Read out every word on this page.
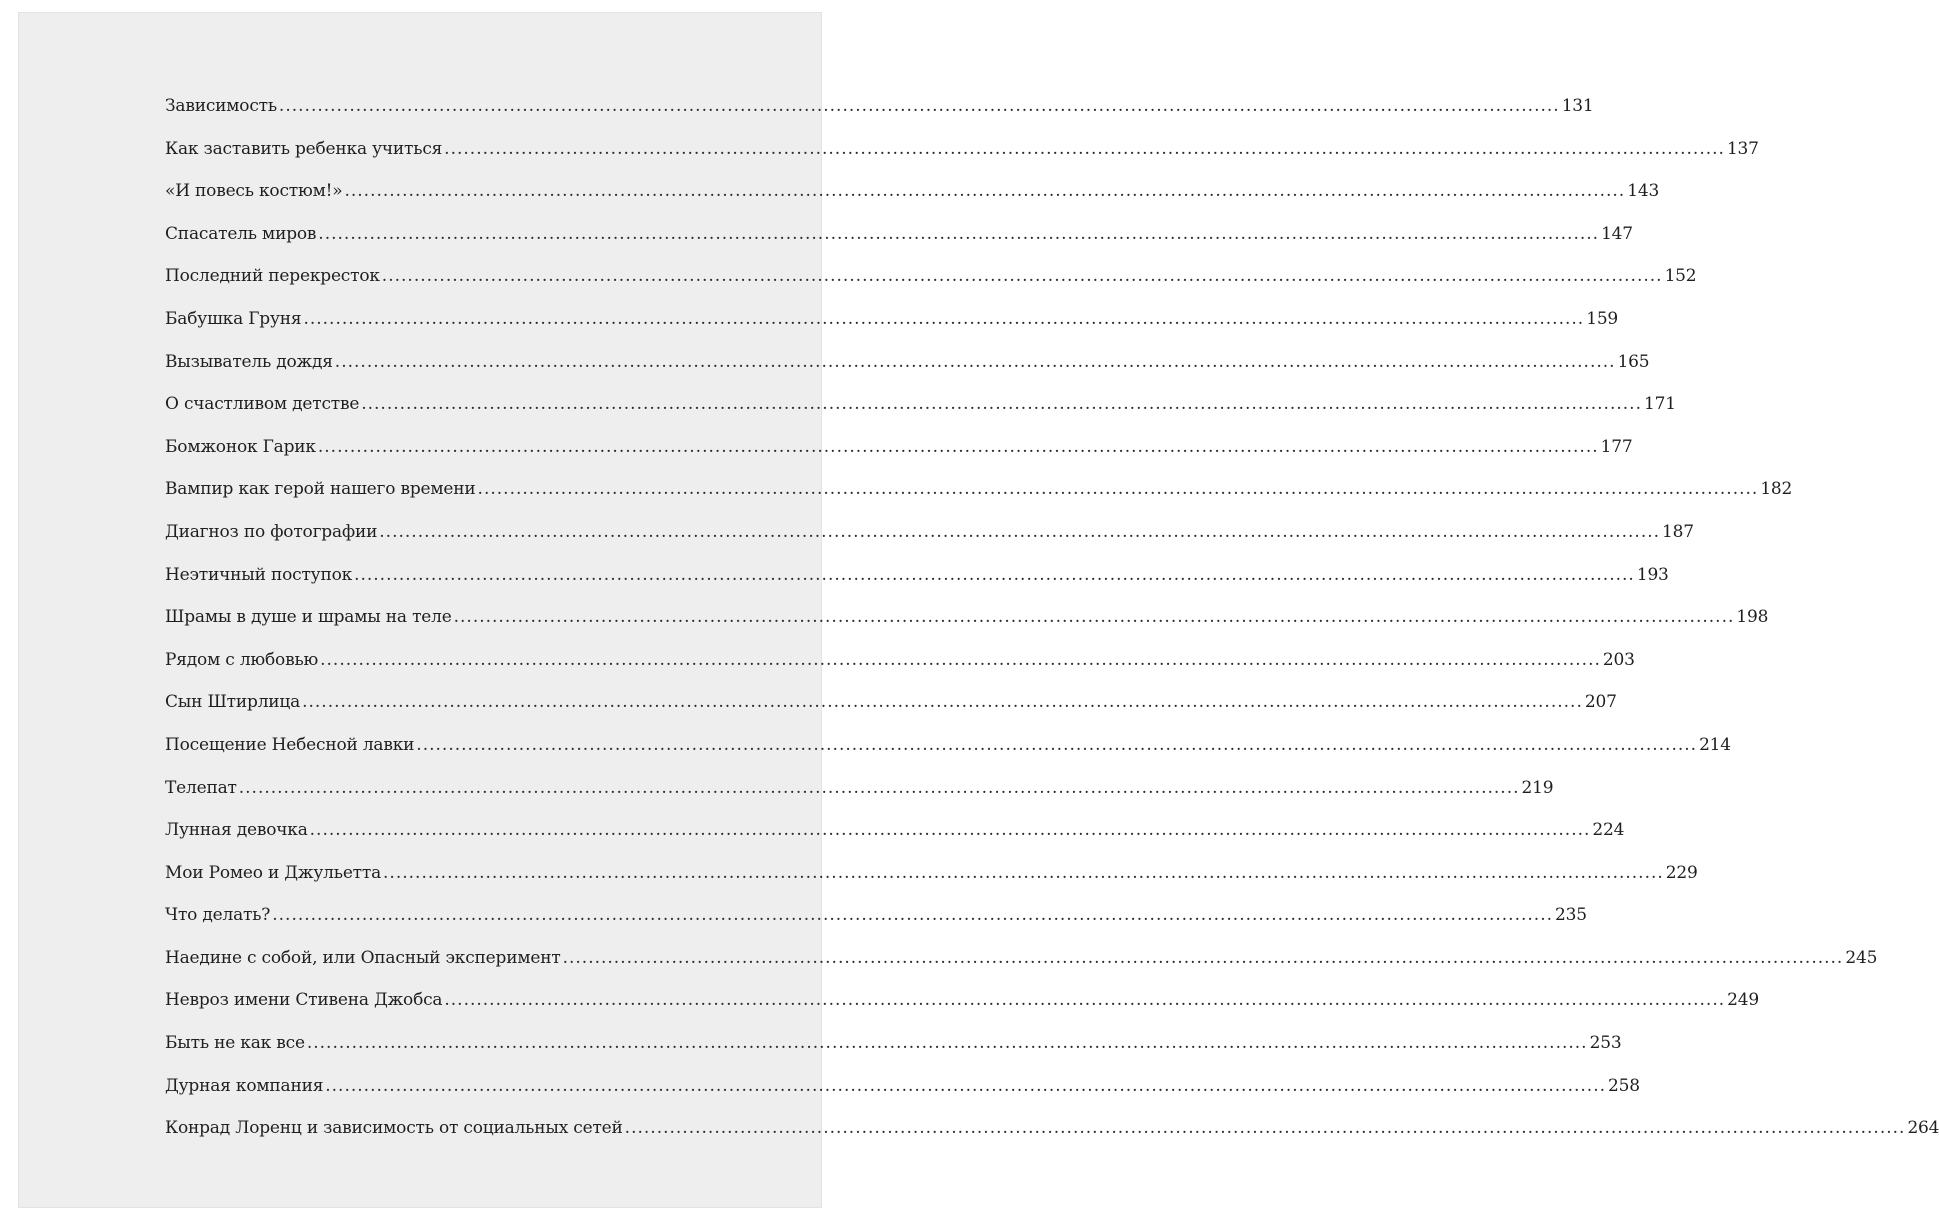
Зависимость ........................................................................................................................................................................................................ 131
Как заставить ребенка учиться ........................................................................................................................................................................................................ 137
«И повесь костюм!» ........................................................................................................................................................................................................ 143
Спасатель миров ........................................................................................................................................................................................................ 147
Последний перекресток ........................................................................................................................................................................................................ 152
Бабушка Груня ........................................................................................................................................................................................................ 159
Вызыватель дождя ........................................................................................................................................................................................................ 165
О счастливом детстве ........................................................................................................................................................................................................ 171
Бомжонок Гарик ........................................................................................................................................................................................................ 177
Вампир как герой нашего времени ........................................................................................................................................................................................................ 182
Диагноз по фотографии ........................................................................................................................................................................................................ 187
Неэтичный поступок ........................................................................................................................................................................................................ 193
Шрамы в душе и шрамы на теле ........................................................................................................................................................................................................ 198
Рядом с любовью ........................................................................................................................................................................................................ 203
Сын Штирлица ........................................................................................................................................................................................................ 207
Посещение Небесной лавки ........................................................................................................................................................................................................ 214
Телепат ........................................................................................................................................................................................................ 219
Лунная девочка ........................................................................................................................................................................................................ 224
Мои Ромео и Джульетта ........................................................................................................................................................................................................ 229
Что делать? ........................................................................................................................................................................................................ 235
Наедине с собой, или Опасный эксперимент ........................................................................................................................................................................................................ 245
Невроз имени Стивена Джобса ........................................................................................................................................................................................................ 249
Быть не как все ........................................................................................................................................................................................................ 253
Дурная компания ........................................................................................................................................................................................................ 258
Конрад Лоренц и зависимость от социальных сетей ........................................................................................................................................................................................................ 264
